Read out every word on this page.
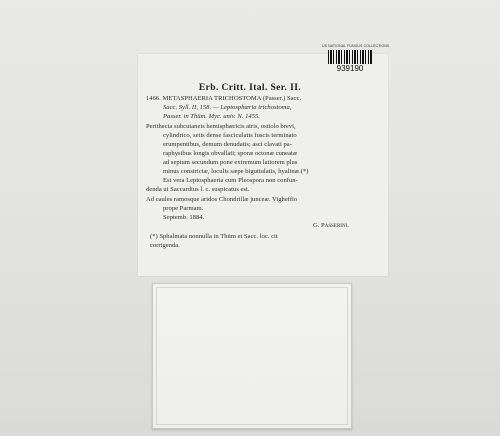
US NATIONAL FUNGUS COLLECTIONS
939190
Erb. Critt. Ital. Ser. II.
1466. METASPHAERIA TRICHOSTOMA (Passer.) Sacc.
Sacc. Syll. II, 158. — Leptosphæria trichostoma,
Passer. in Thüm. Myc. univ. N. 1455.
Perithecia subcutaneis hemisphæricis atris, ostiolo brevi,
cylindrico, setis dense fasciculatis fuscis terminato
erumpentibus, demum denudatis; asci clavati pa-
raphysibus longis obvallati; sporæ octonæ cuneatæ
ad septum secundum pone extremum latiorem plus
minus constrictæ, loculis sæpe biguttulatis, hyalinæ.(*)
Est vera Leptosphaeria cum Pleospora non confun-
denda ut Saccardius l. c. suspicatus est.
Ad caules ramosque aridos Chondrillæ junceæ. Vigheffio
prope Parmam.
G. Passerini.
Septemb. 1884.
(*) Sphalmata nonnulla in Thüm et Sacc. loc. cit
corrigenda.
